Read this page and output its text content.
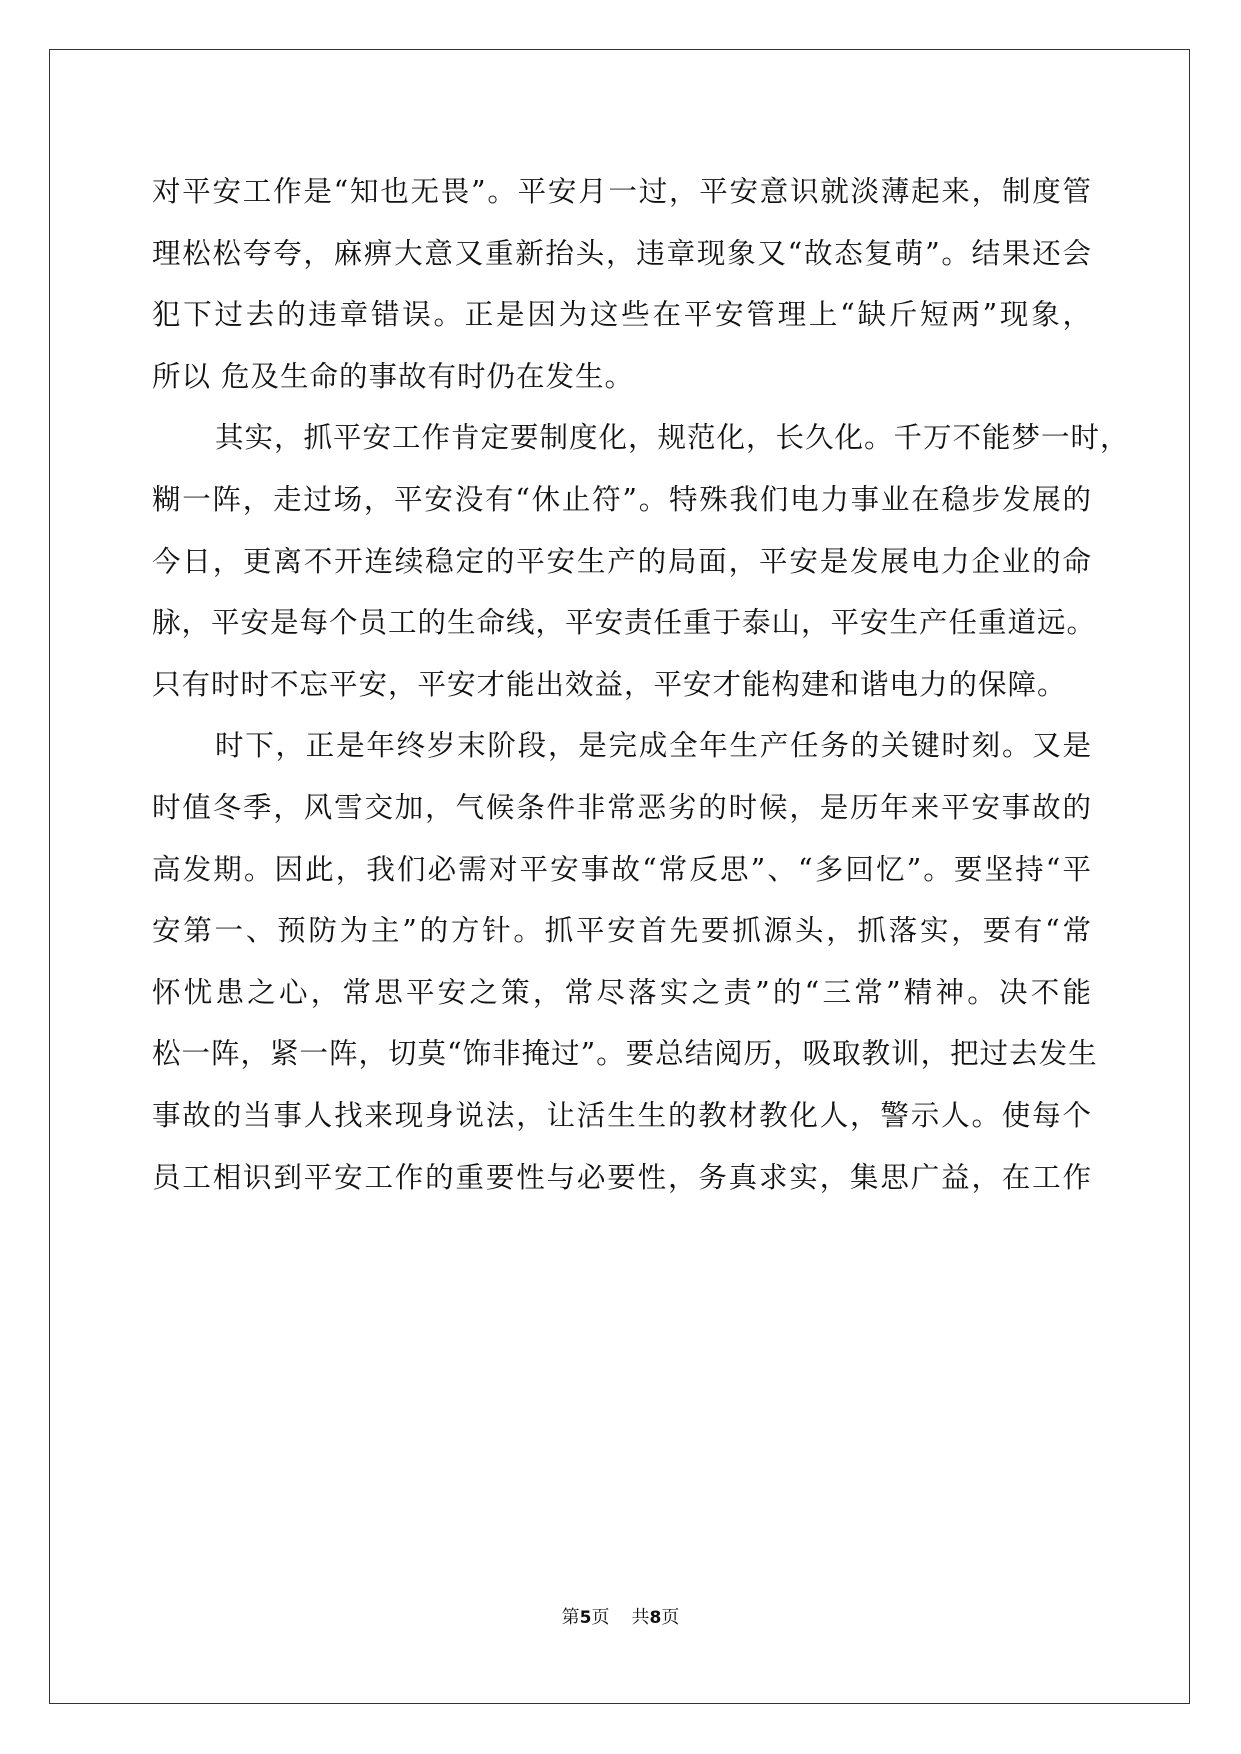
对平安工作是“知也无畏”。平安月一过，平安意识就淡薄起来，制度管
理松松夸夸，麻痹大意又重新抬头，违章现象又“故态复萌”。结果还会
犯下过去的违章错误。正是因为这些在平安管理上“缺斤短两”现象，
所以 危及生命的事故有时仍在发生。
其实，抓平安工作肯定要制度化，规范化，长久化。千万不能梦一时，
糊一阵，走过场，平安没有“休止符”。特殊我们电力事业在稳步发展的
今日，更离不开连续稳定的平安生产的局面，平安是发展电力企业的命
脉，平安是每个员工的生命线，平安责任重于泰山，平安生产任重道远。
只有时时不忘平安，平安才能出效益，平安才能构建和谐电力的保障。
时下，正是年终岁末阶段，是完成全年生产任务的关键时刻。又是
时值冬季，风雪交加，气候条件非常恶劣的时候，是历年来平安事故的
高发期。因此，我们必需对平安事故“常反思”、“多回忆”。要坚持“平
安第一、预防为主”的方针。抓平安首先要抓源头，抓落实，要有“常
怀忧患之心，常思平安之策，常尽落实之责”的“三常”精神。决不能
松一阵，紧一阵，切莫“饰非掩过”。要总结阅历，吸取教训，把过去发生
事故的当事人找来现身说法，让活生生的教材教化人，警示人。使每个
员工相识到平安工作的重要性与必要性，务真求实，集思广益，在工作
第5页 共8页
